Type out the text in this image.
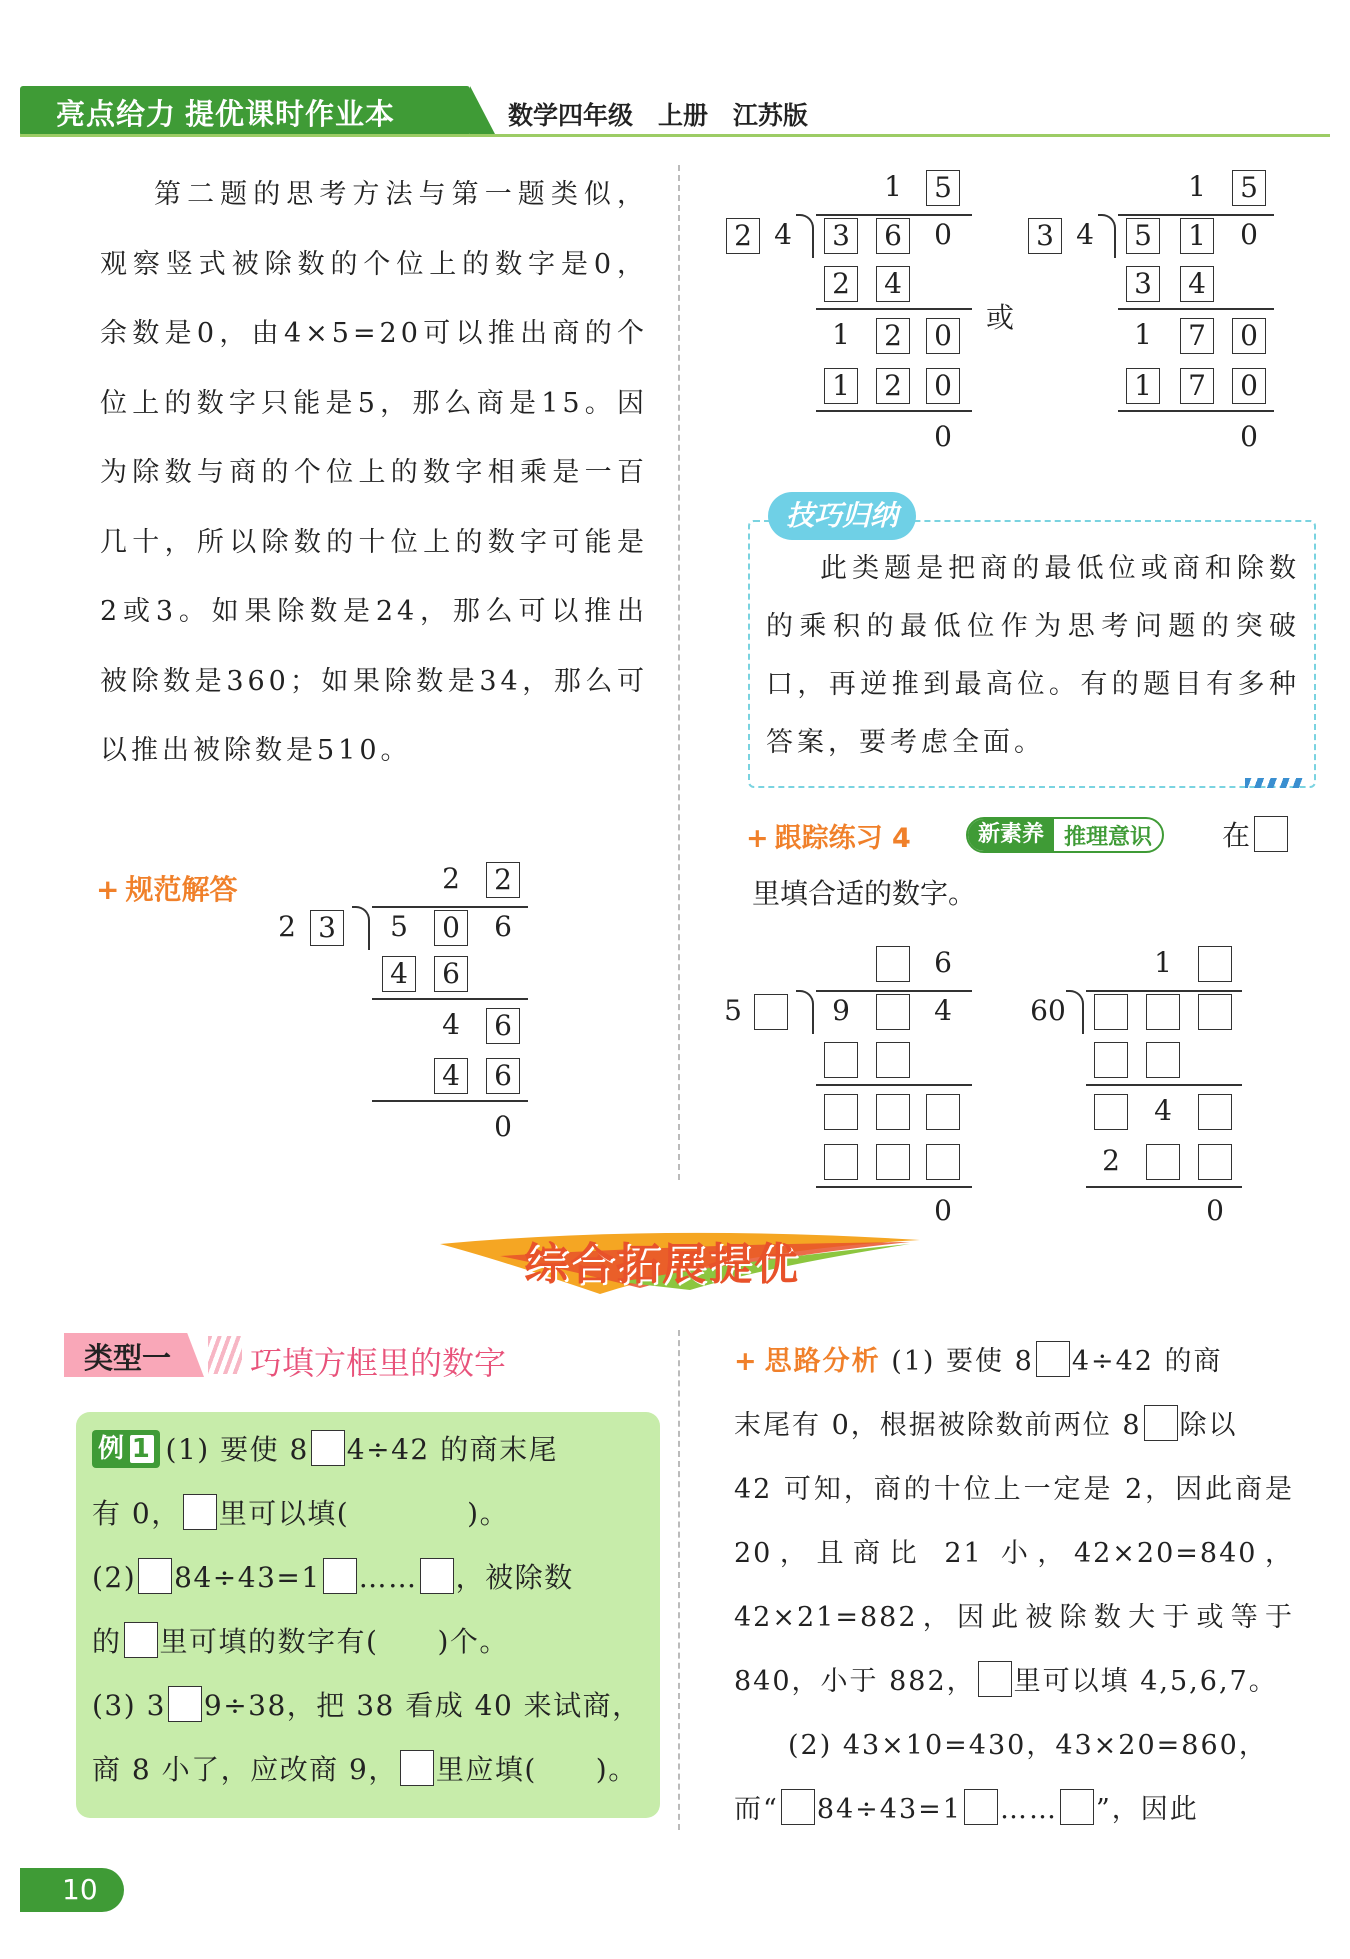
亮点给力 提优课时作业本	数学四年级 上册 江苏版
第二题的思考方法与第一题类似，观察竖式被除数的个位上的数字是0，余数是0，由4×5=20可以推出商的个位上的数字只能是5，那么商是15。因为除数与商的个位上的数字相乘是一百几十，所以除数的十位上的数字可能是2或3。如果除数是24，那么可以推出被除数是360；如果除数是34，那么可以推出被除数是510。
+ 规范解答	2 2
2 3 5 0 6
4 6
4 6
4 6
0
1 5
2 4 3 6 0
2 4
1 2 0
1 2 0
0
或
1 5
3 4 5 1 0
3 4
1 7 0
1 7 0
0
技巧归纳
此类题是把商的最低位或商和除数的乘积的最低位作为思考问题的突破口，再逆推到最高位。有的题目有多种答案，要考虑全面。
+ 跟踪练习 4	新素养 推理意识	在
里填合适的数字。
6
5	9	4
0
1
60
4
2
0
综合拓展提优
类型一 巧填方框里的数字
例 1 (1) 要使 8 4÷42 的商末尾
有 0， 里可以填(　　　　)。
(2) 84÷43=1 …… ，被除数
的 里可填的数字有(　　)个。
(3) 3 9÷38，把 38 看成 40 来试商，
商 8 小了，应改商 9， 里应填(　　)。
+ 思路分析 (1) 要使 8 4÷42 的商
末尾有 0，根据被除数前两位 8 除以
42 可知，商的十位上一定是 2，因此商是 20，且商比 21 小，42×20=840，42×21=882，因此被除数大于或等于 840，小于 882， 里可以填 4,5,6,7。
(2) 43×10=430，43×20=860，
而“ 84÷43=1 …… ”，因此
10
